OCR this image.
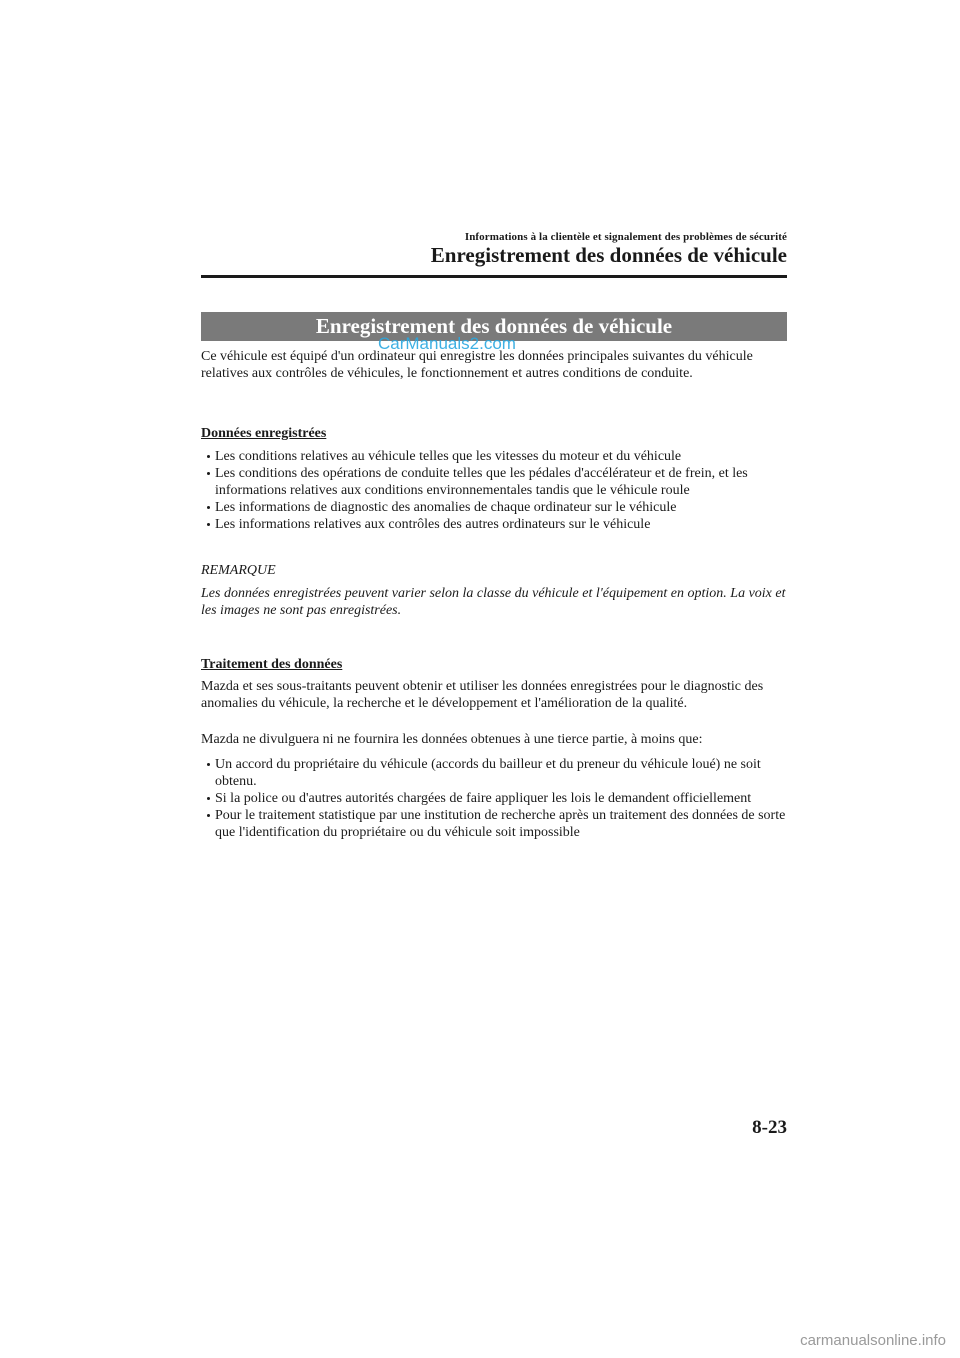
Informations à la clientèle et signalement des problèmes de sécurité
Enregistrement des données de véhicule
Enregistrement des données de véhicule
CarManuals2.com
Ce véhicule est équipé d'un ordinateur qui enregistre les données principales suivantes du véhicule relatives aux contrôles de véhicules, le fonctionnement et autres conditions de conduite.
Données enregistrées
Les conditions relatives au véhicule telles que les vitesses du moteur et du véhicule
Les conditions des opérations de conduite telles que les pédales d'accélérateur et de frein, et les informations relatives aux conditions environnementales tandis que le véhicule roule
Les informations de diagnostic des anomalies de chaque ordinateur sur le véhicule
Les informations relatives aux contrôles des autres ordinateurs sur le véhicule
REMARQUE
Les données enregistrées peuvent varier selon la classe du véhicule et l'équipement en option. La voix et les images ne sont pas enregistrées.
Traitement des données
Mazda et ses sous-traitants peuvent obtenir et utiliser les données enregistrées pour le diagnostic des anomalies du véhicule, la recherche et le développement et l'amélioration de la qualité.
Mazda ne divulguera ni ne fournira les données obtenues à une tierce partie, à moins que:
Un accord du propriétaire du véhicule (accords du bailleur et du preneur du véhicule loué) ne soit obtenu.
Si la police ou d'autres autorités chargées de faire appliquer les lois le demandent officiellement
Pour le traitement statistique par une institution de recherche après un traitement des données de sorte que l'identification du propriétaire ou du véhicule soit impossible
8-23
carmanualsonline.info
